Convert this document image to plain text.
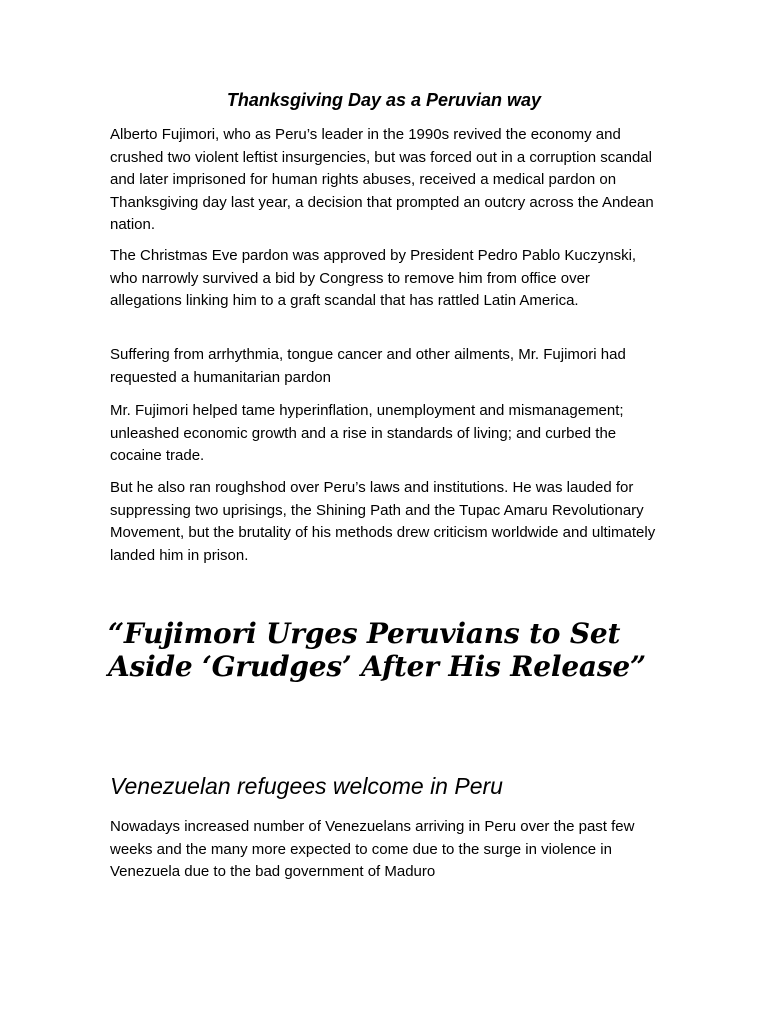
Thanksgiving Day as a Peruvian way

Alberto Fujimori, who as Peru’s leader in the 1990s revived the economy and crushed two violent leftist insurgencies, but was forced out in a corruption scandal and later imprisoned for human rights abuses, received a medical pardon on Thanksgiving day last year, a decision that prompted an outcry across the Andean nation.

The Christmas Eve pardon was approved by President Pedro Pablo Kuczynski, who narrowly survived a bid by Congress to remove him from office over allegations linking him to a graft scandal that has rattled Latin America.

Suffering from arrhythmia, tongue cancer and other ailments, Mr. Fujimori had requested a humanitarian pardon

Mr. Fujimori helped tame hyperinflation, unemployment and mismanagement; unleashed economic growth and a rise in standards of living; and curbed the cocaine trade.

But he also ran roughshod over Peru’s laws and institutions. He was lauded for suppressing two uprisings, the Shining Path and the Tupac Amaru Revolutionary Movement, but the brutality of his methods drew criticism worldwide and ultimately landed him in prison.

“Fujimori Urges Peruvians to Set Aside ‘Grudges’ After His Release”
Venezuelan refugees welcome in Peru

Nowadays increased number of Venezuelans arriving in Peru over the past few weeks and the many more expected to come due to the surge in violence in Venezuela due to the bad government of Maduro
